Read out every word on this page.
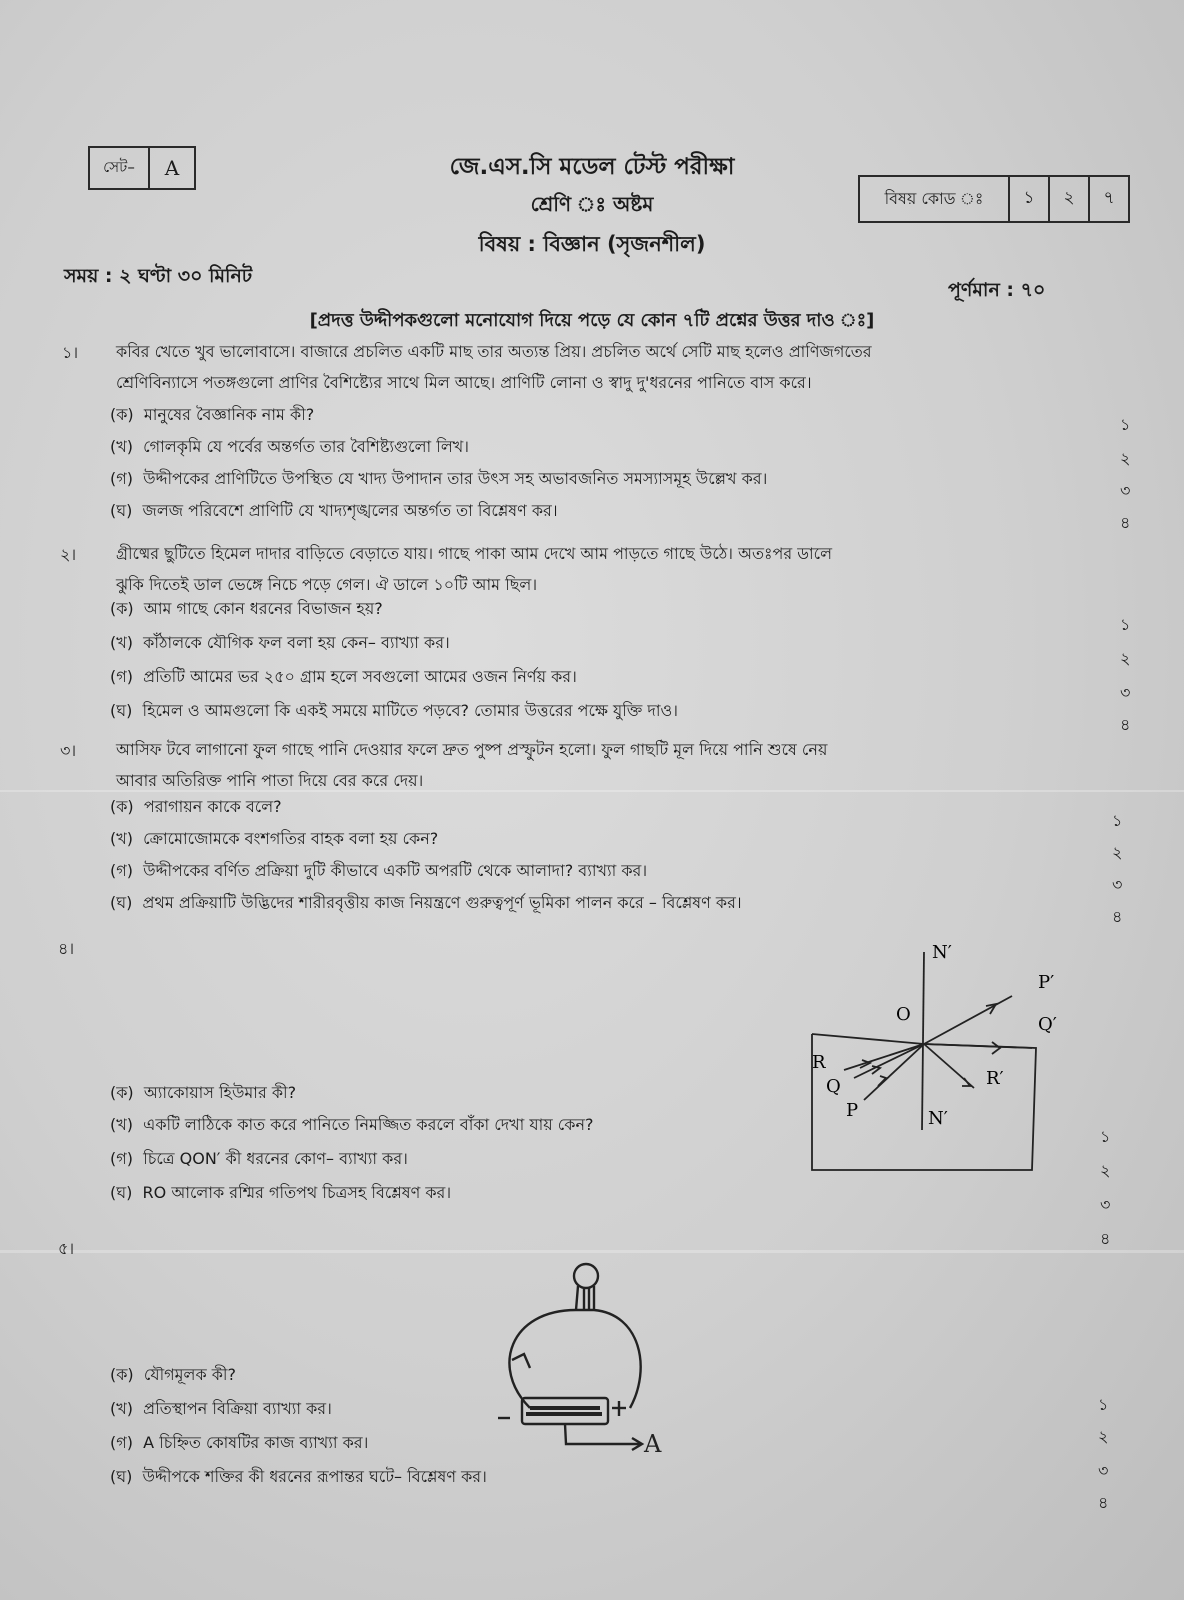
সেট–	A	জে.এস.সি মডেল টেস্ট পরীক্ষা
শ্রেণি ঃ অষ্টম
বিষয় : বিজ্ঞান (সৃজনশীল)
বিষয় কোড ঃ	১	২	৭
সময় : ২ ঘণ্টা ৩০ মিনিট
পূর্ণমান : ৭০
[প্রদত্ত উদ্দীপকগুলো মনোযোগ দিয়ে পড়ে যে কোন ৭টি প্রশ্নের উত্তর দাও ঃ]
১। কবির খেতে খুব ভালোবাসে। বাজারে প্রচলিত একটি মাছ তার অত্যন্ত প্রিয়। প্রচলিত অর্থে সেটি মাছ হলেও প্রাণিজগতের
শ্রেণিবিন্যাসে পতঙ্গগুলো প্রাণির বৈশিষ্ট্যের সাথে মিল আছে। প্রাণিটি লোনা ও স্বাদু দু'ধরনের পানিতে বাস করে।
(ক) মানুষের বৈজ্ঞানিক নাম কী?
(খ) গোলকৃমি যে পর্বের অন্তর্গত তার বৈশিষ্ট্যগুলো লিখ।
(গ) উদ্দীপকের প্রাণিটিতে উপস্থিত যে খাদ্য উপাদান তার উৎস সহ অভাবজনিত সমস্যাসমূহ উল্লেখ কর।
(ঘ) জলজ পরিবেশে প্রাণিটি যে খাদ্যশৃঙ্খলের অন্তর্গত তা বিশ্লেষণ কর।
১
২
৩
৪
২। গ্রীষ্মের ছুটিতে হিমেল দাদার বাড়িতে বেড়াতে যায়। গাছে পাকা আম দেখে আম পাড়তে গাছে উঠে। অতঃপর ডালে
ঝুকি দিতেই ডাল ভেঙ্গে নিচে পড়ে গেল। ঐ ডালে ১০টি আম ছিল।
(ক) আম গাছে কোন ধরনের বিভাজন হয়?
(খ) কাঁঠালকে যৌগিক ফল বলা হয় কেন– ব্যাখ্যা কর।
(গ) প্রতিটি আমের ভর ২৫০ গ্রাম হলে সবগুলো আমের ওজন নির্ণয় কর।
(ঘ) হিমেল ও আমগুলো কি একই সময়ে মাটিতে পড়বে? তোমার উত্তরের পক্ষে যুক্তি দাও।
১
২
৩
৪
৩। আসিফ টবে লাগানো ফুল গাছে পানি দেওয়ার ফলে দ্রুত পুষ্প প্রস্ফুটন হলো। ফুল গাছটি মূল দিয়ে পানি শুষে নেয়
আবার অতিরিক্ত পানি পাতা দিয়ে বের করে দেয়।
(ক) পরাগায়ন কাকে বলে?
(খ) ক্রোমোজোমকে বংশগতির বাহক বলা হয় কেন?
(গ) উদ্দীপকের বর্ণিত প্রক্রিয়া দুটি কীভাবে একটি অপরটি থেকে আলাদা? ব্যাখ্যা কর।
(ঘ) প্রথম প্রক্রিয়াটি উদ্ভিদের শারীরবৃত্তীয় কাজ নিয়ন্ত্রণে গুরুত্বপূর্ণ ভূমিকা পালন করে – বিশ্লেষণ কর।
১
২
৩
৪
৪।	N′
O
P′
Q′
R
Q
P
R′
N′
(ক) অ্যাকোয়াস হিউমার কী?
(খ) একটি লাঠিকে কাত করে পানিতে নিমজ্জিত করলে বাঁকা দেখা যায় কেন?
(গ) চিত্রে QON′ কী ধরনের কোণ– ব্যাখ্যা কর।
(ঘ) RO আলোক রশ্মির গতিপথ চিত্রসহ বিশ্লেষণ কর।
১
২
৩
৪
৫।
A
(ক) যৌগমূলক কী?
(খ) প্রতিস্থাপন বিক্রিয়া ব্যাখ্যা কর।
(গ) A চিহ্নিত কোষটির কাজ ব্যাখ্যা কর।
(ঘ) উদ্দীপকে শক্তির কী ধরনের রূপান্তর ঘটে– বিশ্লেষণ কর।
১
২
৩
৪
